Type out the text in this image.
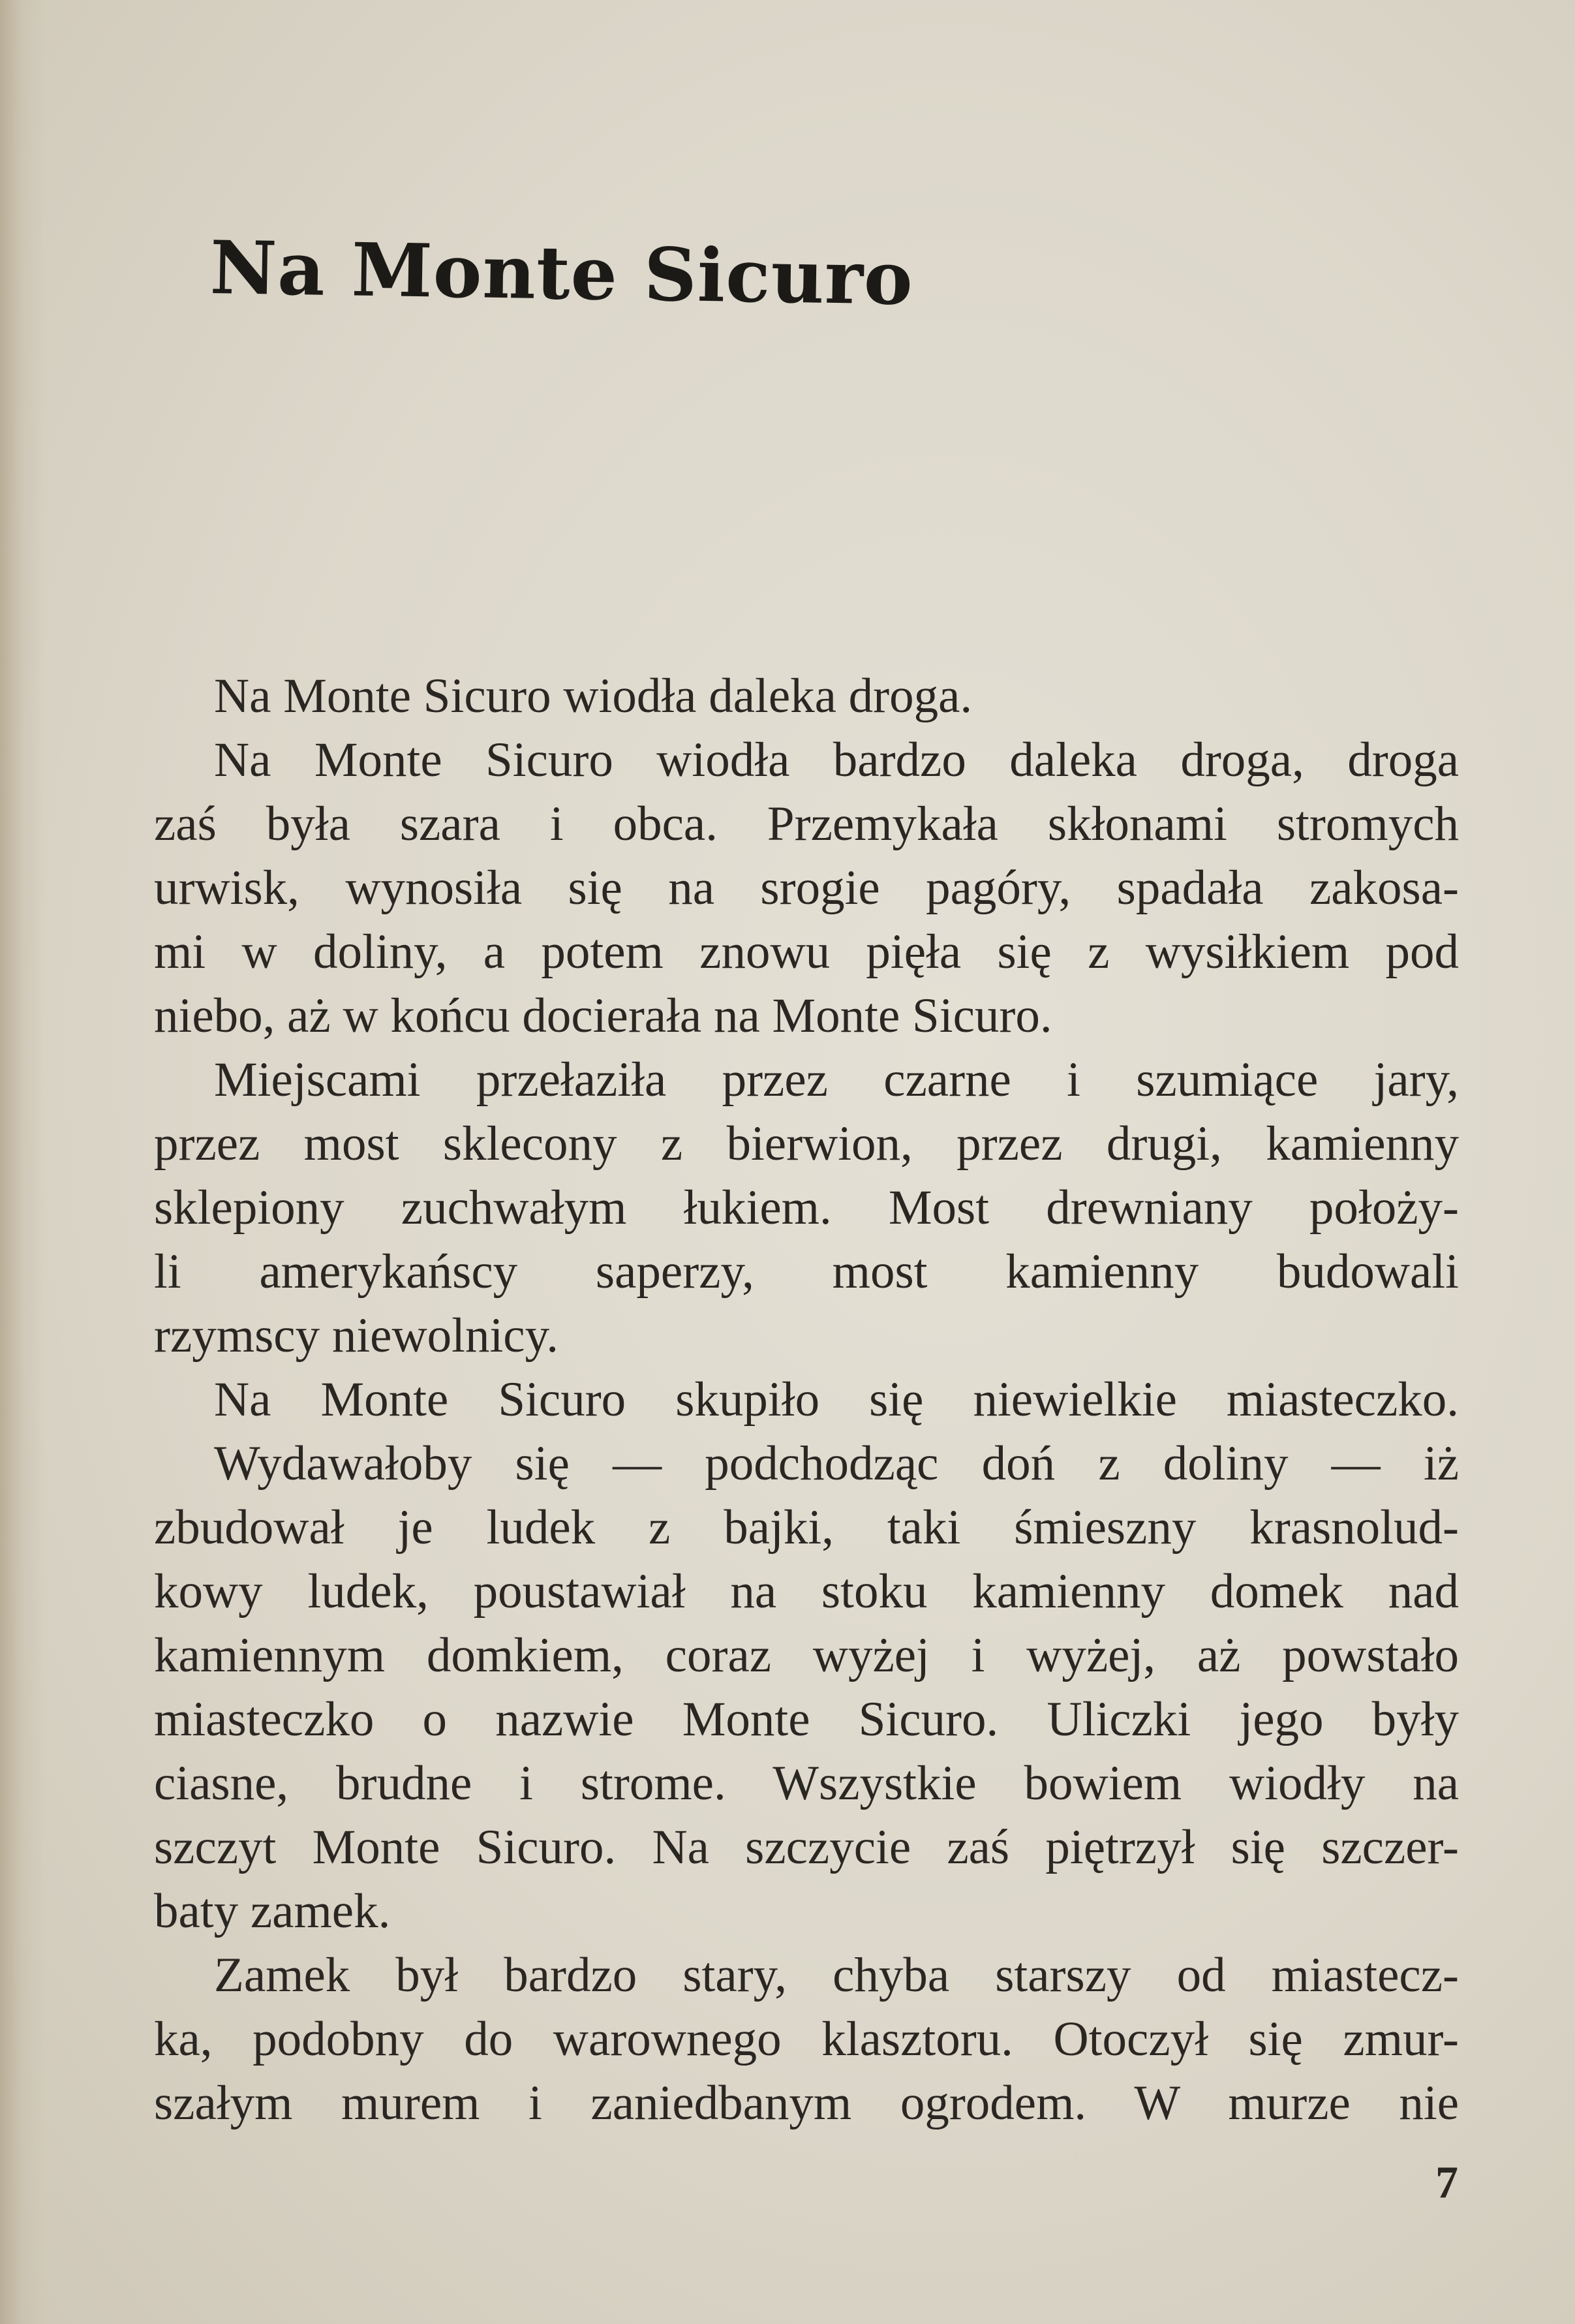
Na Monte Sicuro
Na Monte Sicuro wiodła daleka droga.
Na Monte Sicuro wiodła bardzo daleka droga, droga
zaś była szara i obca. Przemykała skłonami stromych
urwisk, wynosiła się na srogie pagóry, spadała zakosa-
mi w doliny, a potem znowu pięła się z wysiłkiem pod
niebo, aż w końcu docierała na Monte Sicuro.
Miejscami przełaziła przez czarne i szumiące jary,
przez most sklecony z bierwion, przez drugi, kamienny
sklepiony zuchwałym łukiem. Most drewniany położy-
li amerykańscy saperzy, most kamienny budowali
rzymscy niewolnicy.
Na Monte Sicuro skupiło się niewielkie miasteczko.
Wydawałoby się — podchodząc doń z doliny — iż
zbudował je ludek z bajki, taki śmieszny krasnolud-
kowy ludek, poustawiał na stoku kamienny domek nad
kamiennym domkiem, coraz wyżej i wyżej, aż powstało
miasteczko o nazwie Monte Sicuro. Uliczki jego były
ciasne, brudne i strome. Wszystkie bowiem wiodły na
szczyt Monte Sicuro. Na szczycie zaś piętrzył się szczer-
baty zamek.
Zamek był bardzo stary, chyba starszy od miastecz-
ka, podobny do warownego klasztoru. Otoczył się zmur-
szałym murem i zaniedbanym ogrodem. W murze nie
7
